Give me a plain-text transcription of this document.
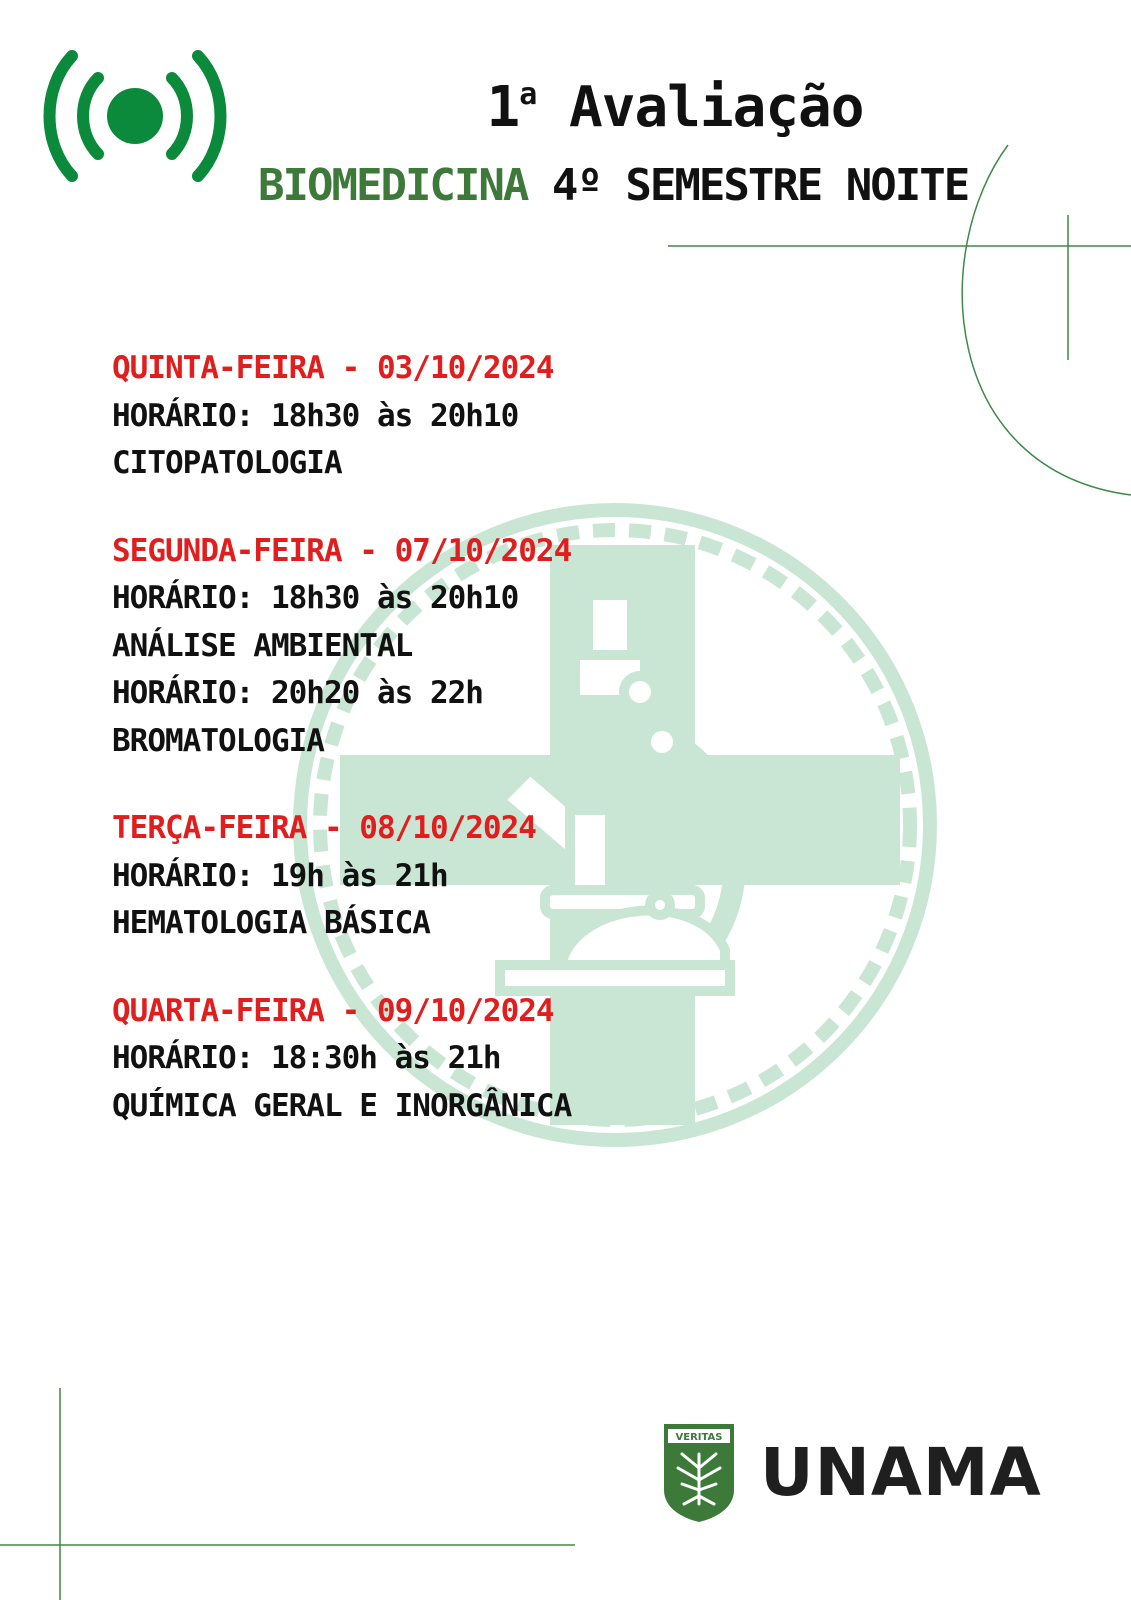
1$^a$ Avaliação
BIOMEDICINA 4º SEMESTRE NOITE
QUINTA-FEIRA - 03/10/2024
HORÁRIO: 18h30 às 20h10
CITOPATOLOGIA
SEGUNDA-FEIRA - 07/10/2024
HORÁRIO: 18h30 às 20h10
ANÁLISE AMBIENTAL
HORÁRIO: 20h20 às 22h
BROMATOLOGIA
TERÇA-FEIRA - 08/10/2024
HORÁRIO: 19h às 21h
HEMATOLOGIA BÁSICA
QUARTA-FEIRA - 09/10/2024
HORÁRIO: 18:30h às 21h
QUÍMICA GERAL E INORGÂNICA
VERITAS UNAMA
